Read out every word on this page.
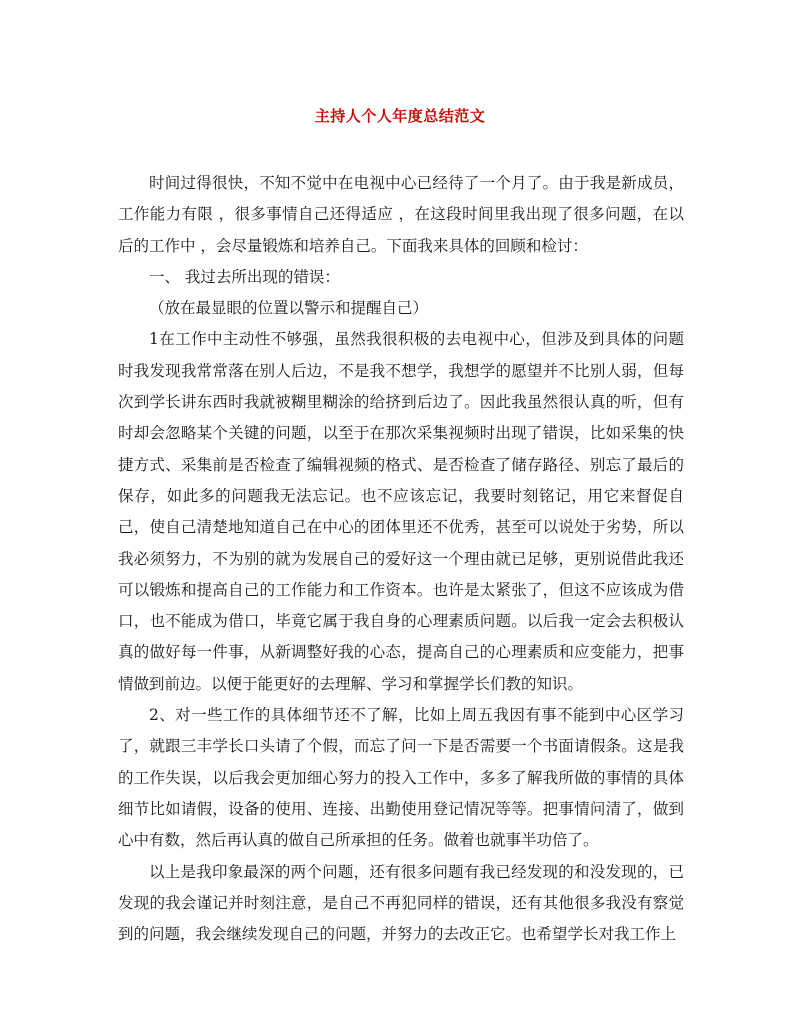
主持人个人年度总结范文

时间过得很快，不知不觉中在电视中心已经待了一个月了。由于我是新成员，工作能力有限 ，很多事情自己还得适应 ，在这段时间里我出现了很多问题，在以后的工作中 ，会尽量锻炼和培养自己。下面我来具体的回顾和检讨：

一、 我过去所出现的错误：

（放在最显眼的位置以警示和提醒自己）

1在工作中主动性不够强，虽然我很积极的去电视中心，但涉及到具体的问题时我发现我常常落在别人后边，不是我不想学，我想学的愿望并不比别人弱，但每次到学长讲东西时我就被糊里糊涂的给挤到后边了。因此我虽然很认真的听，但有时却会忽略某个关键的问题，以至于在那次采集视频时出现了错误，比如采集的快捷方式、采集前是否检查了编辑视频的格式、是否检查了储存路径、别忘了最后的保存，如此多的问题我无法忘记。也不应该忘记，我要时刻铭记，用它来督促自己，使自己清楚地知道自己在中心的团体里还不优秀，甚至可以说处于劣势，所以我必须努力，不为别的就为发展自己的爱好这一个理由就已足够，更别说借此我还可以锻炼和提高自己的工作能力和工作资本。也许是太紧张了，但这不应该成为借口，也不能成为借口，毕竟它属于我自身的心理素质问题。以后我一定会去积极认真的做好每一件事，从新调整好我的心态，提高自己的心理素质和应变能力，把事情做到前边。以便于能更好的去理解、学习和掌握学长们教的知识。

2、对一些工作的具体细节还不了解，比如上周五我因有事不能到中心区学习了，就跟三丰学长口头请了个假，而忘了问一下是否需要一个书面请假条。这是我的工作失误，以后我会更加细心努力的投入工作中，多多了解我所做的事情的具体细节比如请假，设备的使用、连接、出勤使用登记情况等等。把事情问清了，做到心中有数，然后再认真的做自己所承担的任务。做着也就事半功倍了。

以上是我印象最深的两个问题，还有很多问题有我已经发现的和没发现的，已发现的我会谨记并时刻注意，是自己不再犯同样的错误，还有其他很多我没有察觉到的问题，我会继续发现自己的问题，并努力的去改正它。也希望学长对我工作上
